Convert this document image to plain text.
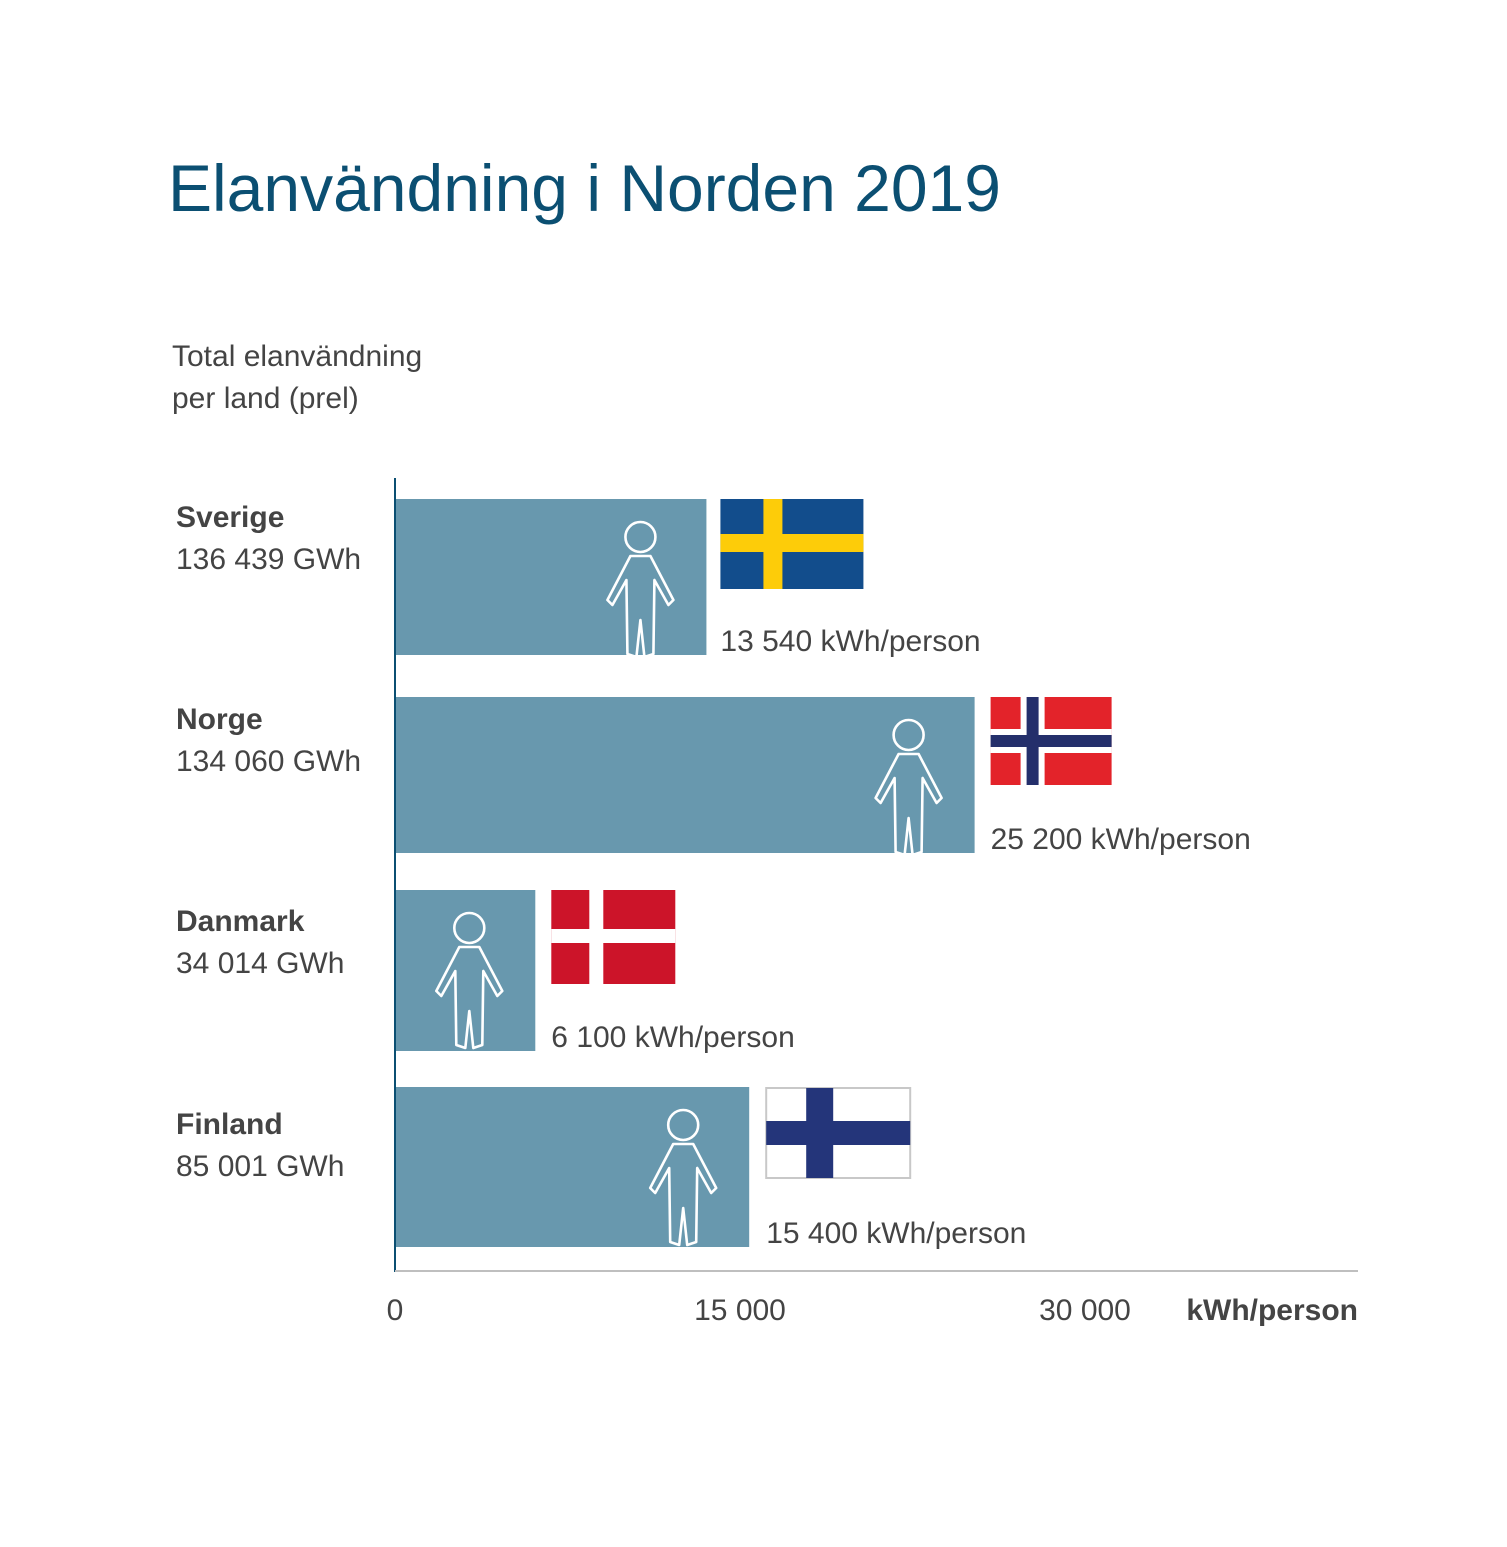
Elanvändning i Norden 2019
Total elanvändning per land (prel)
Sverige
136 439 GWh
Norge
134 060 GWh
Danmark
34 014 GWh
Finland
85 001 GWh
0	15 000	30 000 kWh/person
13 540 kWh/person
25 200 kWh/person
6 100 kWh/person
15 400 kWh/person
